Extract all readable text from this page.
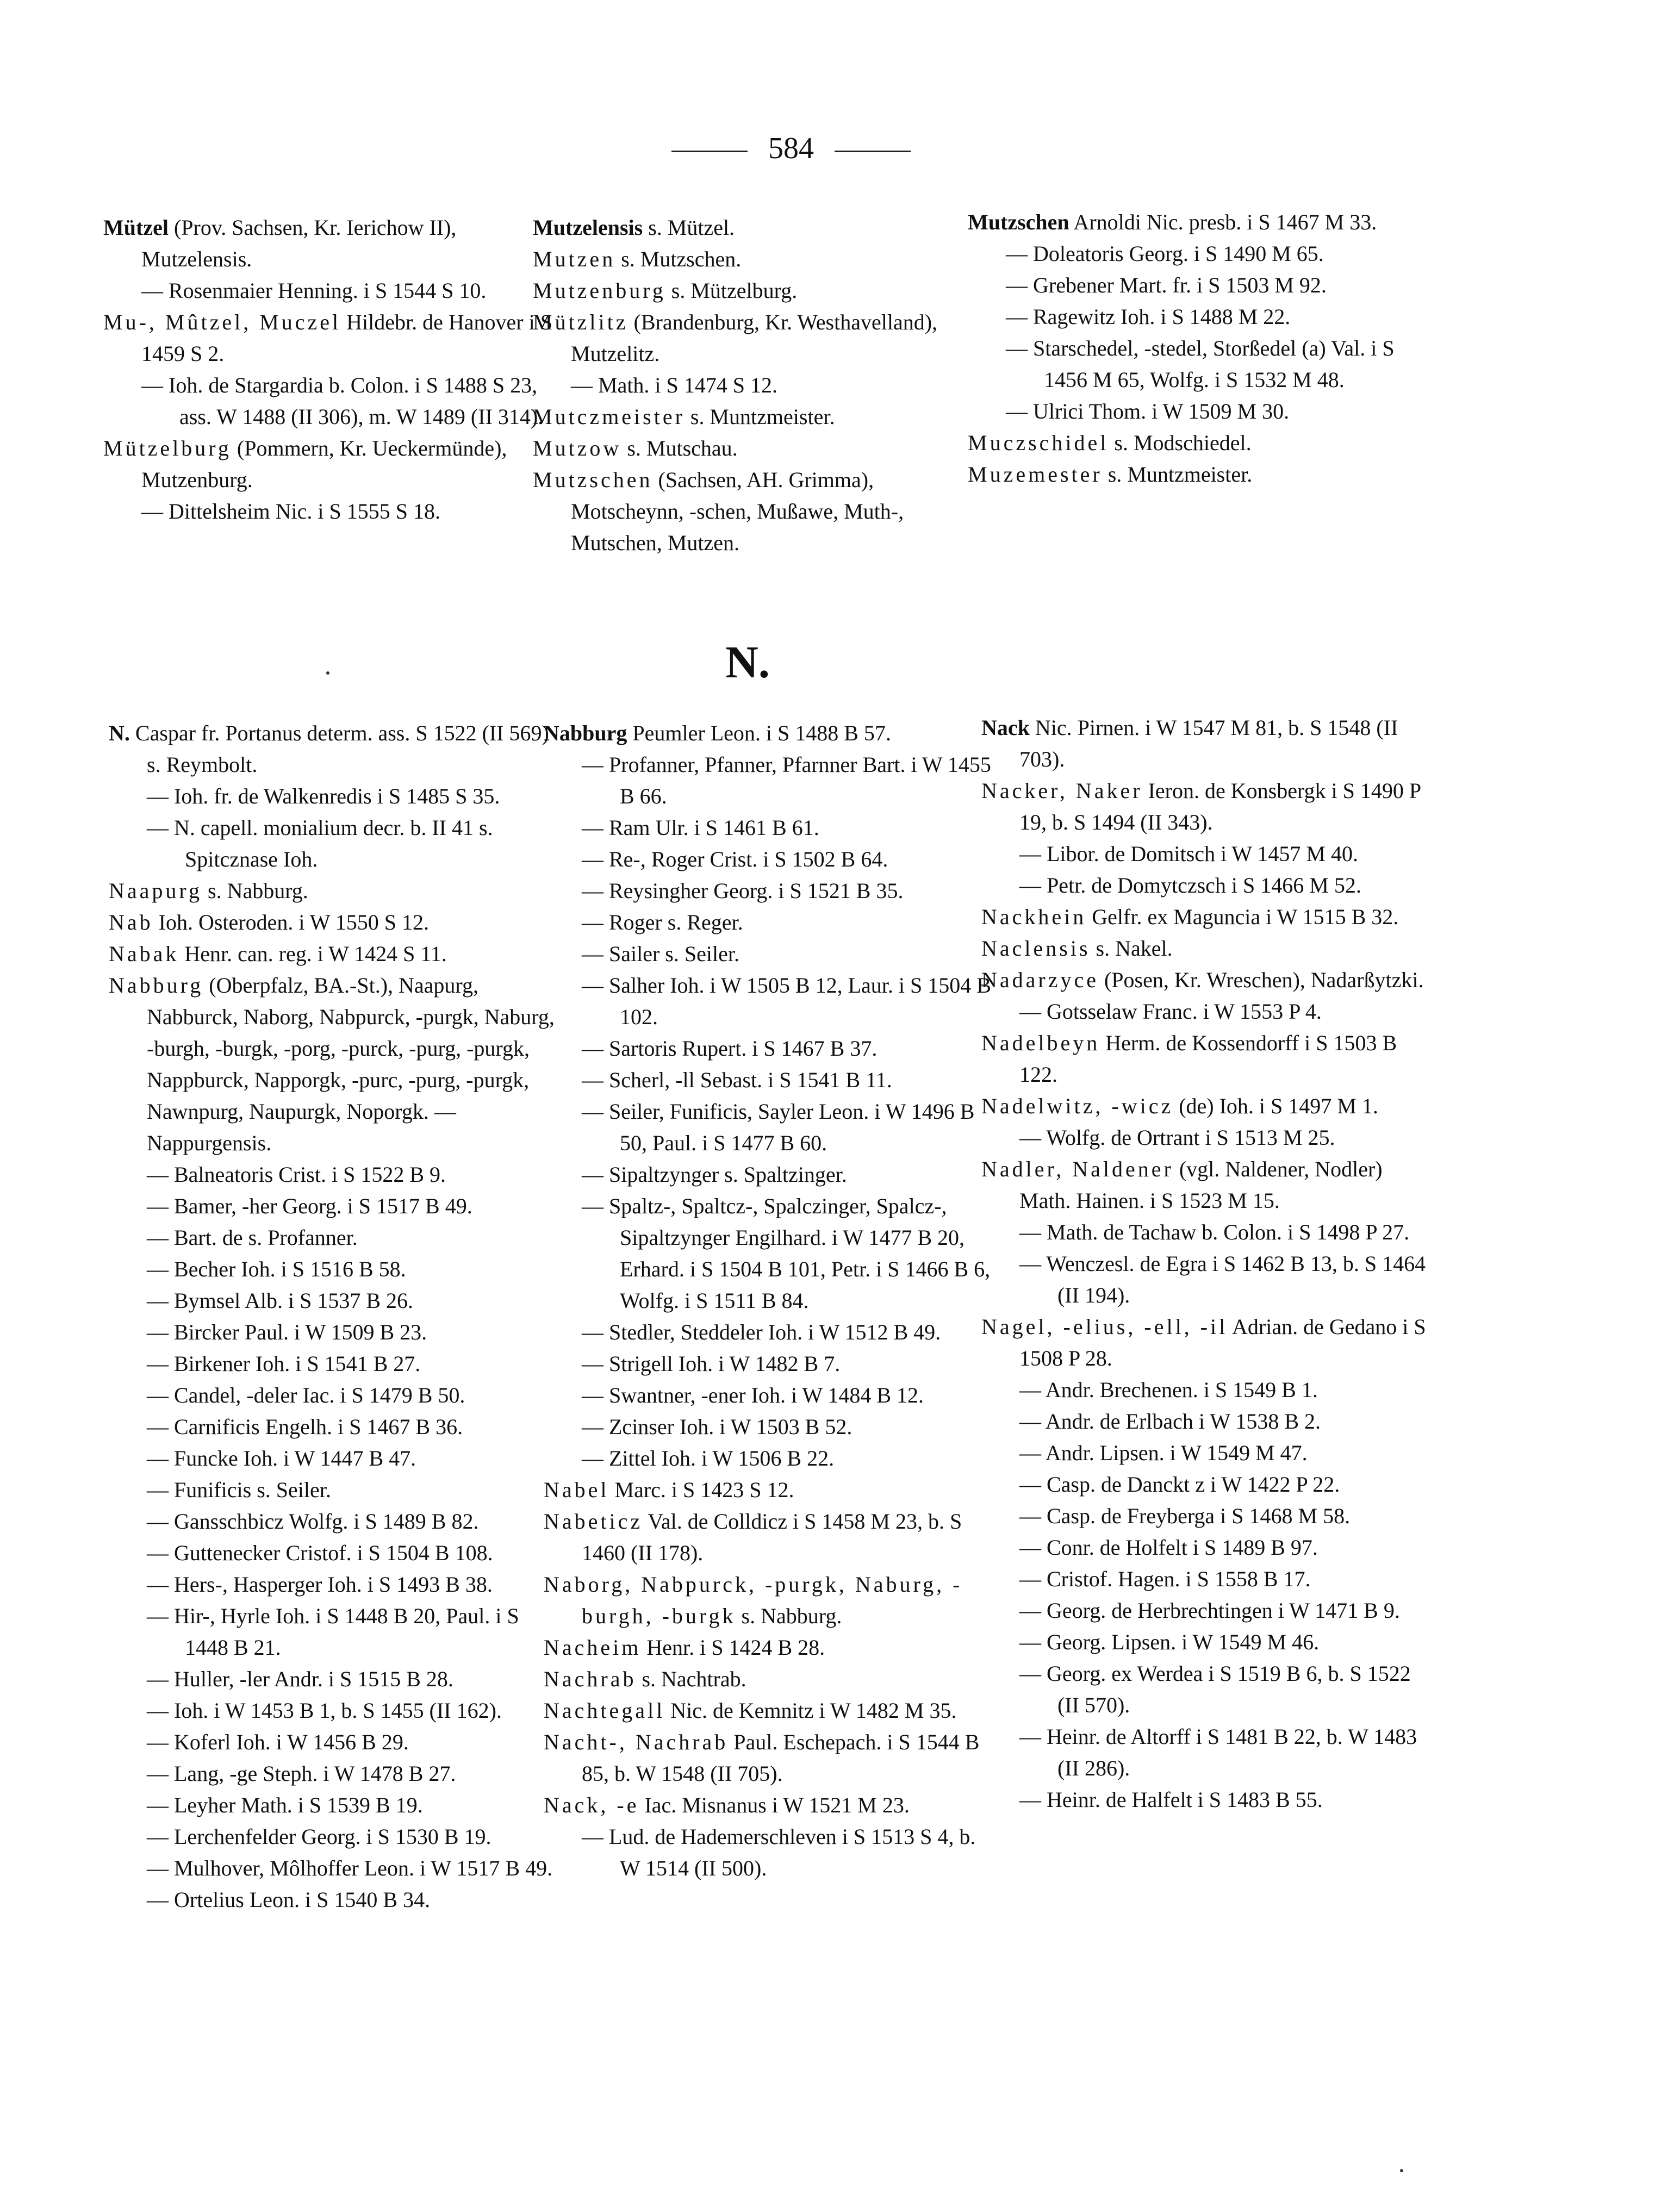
584

Mützel (Prov. Sachsen, Kr. Ierichow II), Mutzelensis.

— Rosenmaier Henning. i S 1544 S 10.

Mu-, Mûtzel, Muczel Hildebr. de Hanover i S 1459 S 2.

— Ioh. de Stargardia b. Colon. i S 1488 S 23, ass. W 1488 (II 306), m. W 1489 (II 314).

Mützelburg (Pommern, Kr. Ueckermünde), Mutzenburg.

— Dittelsheim Nic. i S 1555 S 18.

Mutzelensis s. Mützel.

Mutzen s. Mutzschen.

Mutzenburg s. Mützelburg.

Mützlitz (Brandenburg, Kr. Westhavelland), Mutzelitz.

— Math. i S 1474 S 12.

Mutczmeister s. Muntzmeister.

Mutzow s. Mutschau.

Mutzschen (Sachsen, AH. Grimma), Motscheynn, -schen, Mußawe, Muth-, Mutschen, Mutzen.

Mutzschen Arnoldi Nic. presb. i S 1467 M 33.

— Doleatoris Georg. i S 1490 M 65.

— Grebener Mart. fr. i S 1503 M 92.

— Ragewitz Ioh. i S 1488 M 22.

— Starschedel, -stedel, Storßedel (a) Val. i S 1456 M 65, Wolfg. i S 1532 M 48.

— Ulrici Thom. i W 1509 M 30.

Muczschidel s. Modschiedel.

Muzemester s. Muntzmeister.

N.

N. Caspar fr. Portanus determ. ass. S 1522 (II 569) s. Reymbolt.

— Ioh. fr. de Walkenredis i S 1485 S 35.

— N. capell. monialium decr. b. II 41 s. Spitcznase Ioh.

Naapurg s. Nabburg.

Nab Ioh. Osteroden. i W 1550 S 12.

Nabak Henr. can. reg. i W 1424 S 11.

Nabburg (Oberpfalz, BA.-St.), Naapurg, Nabburck, Naborg, Nabpurck, -purgk, Naburg, -burgh, -burgk, -porg, -purck, -purg, -purgk, Nappburck, Napporgk, -purc, -purg, -purgk, Nawnpurg, Naupurgk, Noporgk. — Nappurgensis.

— Balneatoris Crist. i S 1522 B 9.

— Bamer, -her Georg. i S 1517 B 49.

— Bart. de s. Profanner.

— Becher Ioh. i S 1516 B 58.

— Bymsel Alb. i S 1537 B 26.

— Bircker Paul. i W 1509 B 23.

— Birkener Ioh. i S 1541 B 27.

— Candel, -deler Iac. i S 1479 B 50.

— Carnificis Engelh. i S 1467 B 36.

— Funcke Ioh. i W 1447 B 47.

— Funificis s. Seiler.

— Gansschbicz Wolfg. i S 1489 B 82.

— Guttenecker Cristof. i S 1504 B 108.

— Hers-, Hasperger Ioh. i S 1493 B 38.

— Hir-, Hyrle Ioh. i S 1448 B 20, Paul. i S 1448 B 21.

— Huller, -ler Andr. i S 1515 B 28.

— Ioh. i W 1453 B 1, b. S 1455 (II 162).

— Koferl Ioh. i W 1456 B 29.

— Lang, -ge Steph. i W 1478 B 27.

— Leyher Math. i S 1539 B 19.

— Lerchenfelder Georg. i S 1530 B 19.

— Mulhover, Môlhoffer Leon. i W 1517 B 49.

— Ortelius Leon. i S 1540 B 34.

Nabburg Peumler Leon. i S 1488 B 57.

— Profanner, Pfanner, Pfarnner Bart. i W 1455 B 66.

— Ram Ulr. i S 1461 B 61.

— Re-, Roger Crist. i S 1502 B 64.

— Reysingher Georg. i S 1521 B 35.

— Roger s. Reger.

— Sailer s. Seiler.

— Salher Ioh. i W 1505 B 12, Laur. i S 1504 B 102.

— Sartoris Rupert. i S 1467 B 37.

— Scherl, -ll Sebast. i S 1541 B 11.

— Seiler, Funificis, Sayler Leon. i W 1496 B 50, Paul. i S 1477 B 60.

— Sipaltzynger s. Spaltzinger.

— Spaltz-, Spaltcz-, Spalczinger, Spalcz-, Sipaltzynger Engilhard. i W 1477 B 20, Erhard. i S 1504 B 101, Petr. i S 1466 B 6, Wolfg. i S 1511 B 84.

— Stedler, Steddeler Ioh. i W 1512 B 49.

— Strigell Ioh. i W 1482 B 7.

— Swantner, -ener Ioh. i W 1484 B 12.

— Zcinser Ioh. i W 1503 B 52.

— Zittel Ioh. i W 1506 B 22.

Nabel Marc. i S 1423 S 12.

Nabeticz Val. de Colldicz i S 1458 M 23, b. S 1460 (II 178).

Naborg, Nabpurck, -purgk, Naburg, -burgh, -burgk s. Nabburg.

Nacheim Henr. i S 1424 B 28.

Nachrab s. Nachtrab.

Nachtegall Nic. de Kemnitz i W 1482 M 35.

Nacht-, Nachrab Paul. Eschepach. i S 1544 B 85, b. W 1548 (II 705).

Nack, -e Iac. Misnanus i W 1521 M 23.

— Lud. de Hademerschleven i S 1513 S 4, b. W 1514 (II 500).

Nack Nic. Pirnen. i W 1547 M 81, b. S 1548 (II 703).

Nacker, Naker Ieron. de Konsbergk i S 1490 P 19, b. S 1494 (II 343).

— Libor. de Domitsch i W 1457 M 40.

— Petr. de Domytczsch i S 1466 M 52.

Nackhein Gelfr. ex Maguncia i W 1515 B 32.

Naclensis s. Nakel.

Nadarzyce (Posen, Kr. Wreschen), Nadarßytzki.

— Gotsselaw Franc. i W 1553 P 4.

Nadelbeyn Herm. de Kossendorff i S 1503 B 122.

Nadelwitz, -wicz (de) Ioh. i S 1497 M 1.

— Wolfg. de Ortrant i S 1513 M 25.

Nadler, Naldener (vgl. Naldener, Nodler) Math. Hainen. i S 1523 M 15.

— Math. de Tachaw b. Colon. i S 1498 P 27.

— Wenczesl. de Egra i S 1462 B 13, b. S 1464 (II 194).

Nagel, -elius, -ell, -il Adrian. de Gedano i S 1508 P 28.

— Andr. Brechenen. i S 1549 B 1.

— Andr. de Erlbach i W 1538 B 2.

— Andr. Lipsen. i W 1549 M 47.

— Casp. de Danckt z i W 1422 P 22.

— Casp. de Freyberga i S 1468 M 58.

— Conr. de Holfelt i S 1489 B 97.

— Cristof. Hagen. i S 1558 B 17.

— Georg. de Herbrechtingen i W 1471 B 9.

— Georg. Lipsen. i W 1549 M 46.

— Georg. ex Werdea i S 1519 B 6, b. S 1522 (II 570).

— Heinr. de Altorff i S 1481 B 22, b. W 1483 (II 286).

— Heinr. de Halfelt i S 1483 B 55.
